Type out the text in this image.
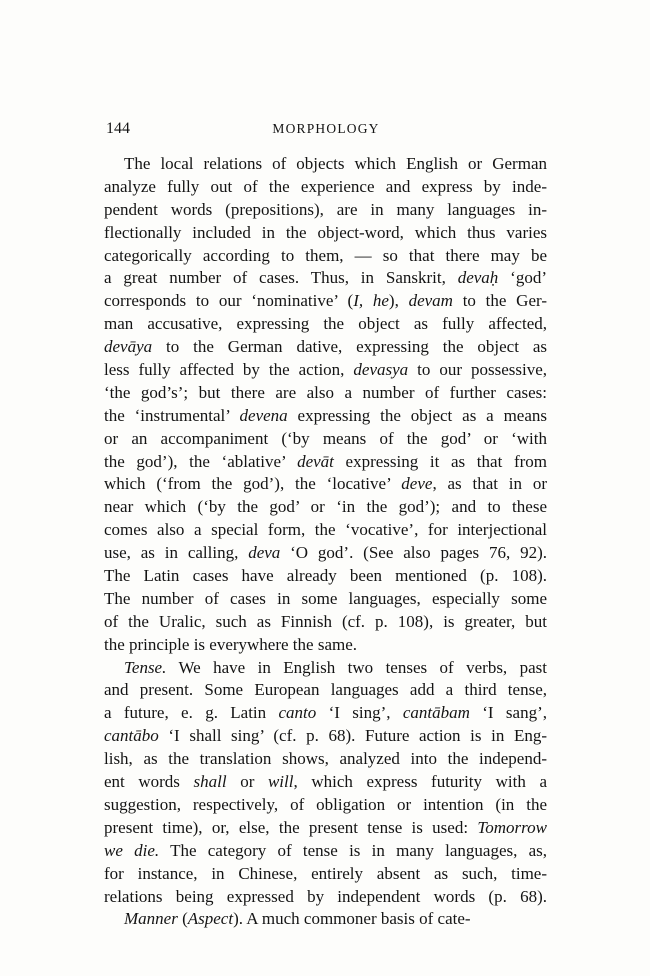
144	MORPHOLOGY
The local relations of objects which English or German
analyze fully out of the experience and express by inde-
pendent words (prepositions), are in many languages in-
flectionally included in the object-word, which thus varies
categorically according to them, — so that there may be
a great number of cases. Thus, in Sanskrit, devaḥ ‘god’
corresponds to our ‘nominative’ (I, he), devam to the Ger-
man accusative, expressing the object as fully affected,
devāya to the German dative, expressing the object as
less fully affected by the action, devasya to our possessive,
‘the god’s’; but there are also a number of further cases:
the ‘instrumental’ devena expressing the object as a means
or an accompaniment (‘by means of the god’ or ‘with
the god’), the ‘ablative’ devāt expressing it as that from
which (‘from the god’), the ‘locative’ deve, as that in or
near which (‘by the god’ or ‘in the god’); and to these
comes also a special form, the ‘vocative’, for interjectional
use, as in calling, deva ‘O god’. (See also pages 76, 92).
The Latin cases have already been mentioned (p. 108).
The number of cases in some languages, especially some
of the Uralic, such as Finnish (cf. p. 108), is greater, but
the principle is everywhere the same.
Tense. We have in English two tenses of verbs, past
and present. Some European languages add a third tense,
a future, e. g. Latin canto ‘I sing’, cantābam ‘I sang’,
cantābo ‘I shall sing’ (cf. p. 68). Future action is in Eng-
lish, as the translation shows, analyzed into the independ-
ent words shall or will, which express futurity with a
suggestion, respectively, of obligation or intention (in the
present time), or, else, the present tense is used: Tomorrow
we die. The category of tense is in many languages, as,
for instance, in Chinese, entirely absent as such, time-
relations being expressed by independent words (p. 68).
Manner (Aspect). A much commoner basis of cate-
